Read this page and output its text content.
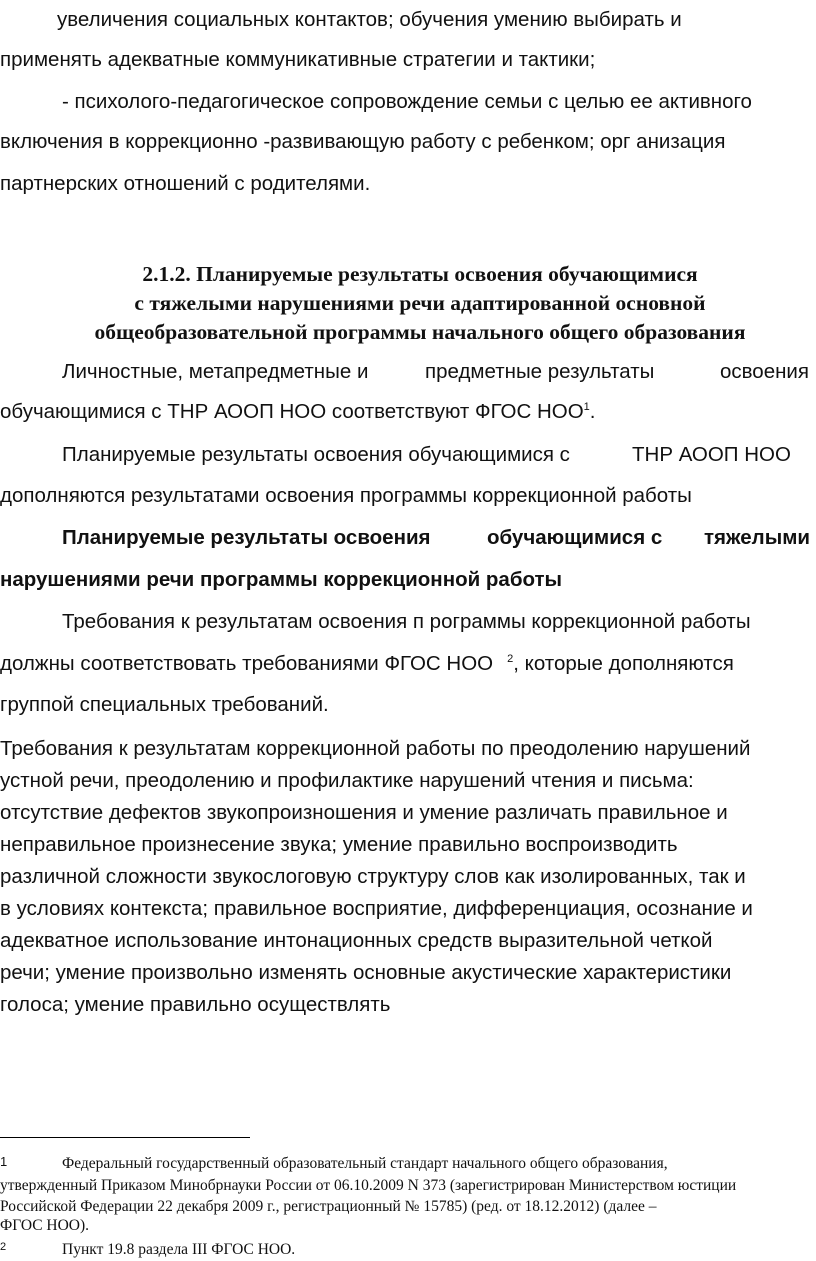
увеличения социальных контактов; обучения умению выбирать и
применять адекватные коммуникативные стратегии и тактики;
- психолого-педагогическое сопровождение семьи с целью ее активного
включения в коррекционно -развивающую работу с ребенком; орг анизация
партнерских отношений с родителями.
2.1.2. Планируемые результаты освоения обучающимися
с тяжелыми нарушениями речи адаптированной основной
общеобразовательной программы начального общего образования
Личностные, метапредметные и	предметные результаты	освоения
обучающимися с ТНР АООП НОО соответствуют ФГОС НОО$^1$.
Планируемые результаты освоения обучающимися с	ТНР АООП НОО
дополняются результатами освоения программы коррекционной работы
Планируемые результаты освоения	обучающимися с тяжелыми
нарушениями речи программы коррекционной работы
Требования к результатам освоения п рограммы коррекционной работы
должны соответствовать требованиями ФГОС НОО $^2$, которые дополняются
группой специальных требований.
Требования к результатам коррекционной работы по преодолению нарушений
устной речи, преодолению и профилактике нарушений чтения и письма:
отсутствие дефектов звукопроизношения и умение различать правильное и
неправильное произнесение звука; умение правильно воспроизводить
различной сложности звукослоговую структуру слов как изолированных, так и
в условиях контекста; правильное восприятие, дифференциация, осознание и
адекватное использование интонационных средств выразительной четкой
речи; умение произвольно изменять основные акустические характеристики
голоса; умение правильно осуществлять
1	Федеральный государственный образовательный стандарт начального общего образования,
утвержденный Приказом Минобрнауки России от 06.10.2009 N 373 (зарегистрирован Министерством юстиции
Российской Федерации 22 декабря 2009 г., регистрационный № 15785) (ред. от 18.12.2012) (далее –
ФГОС НОО).
2	Пункт 19.8 раздела III ФГОС НОО.
